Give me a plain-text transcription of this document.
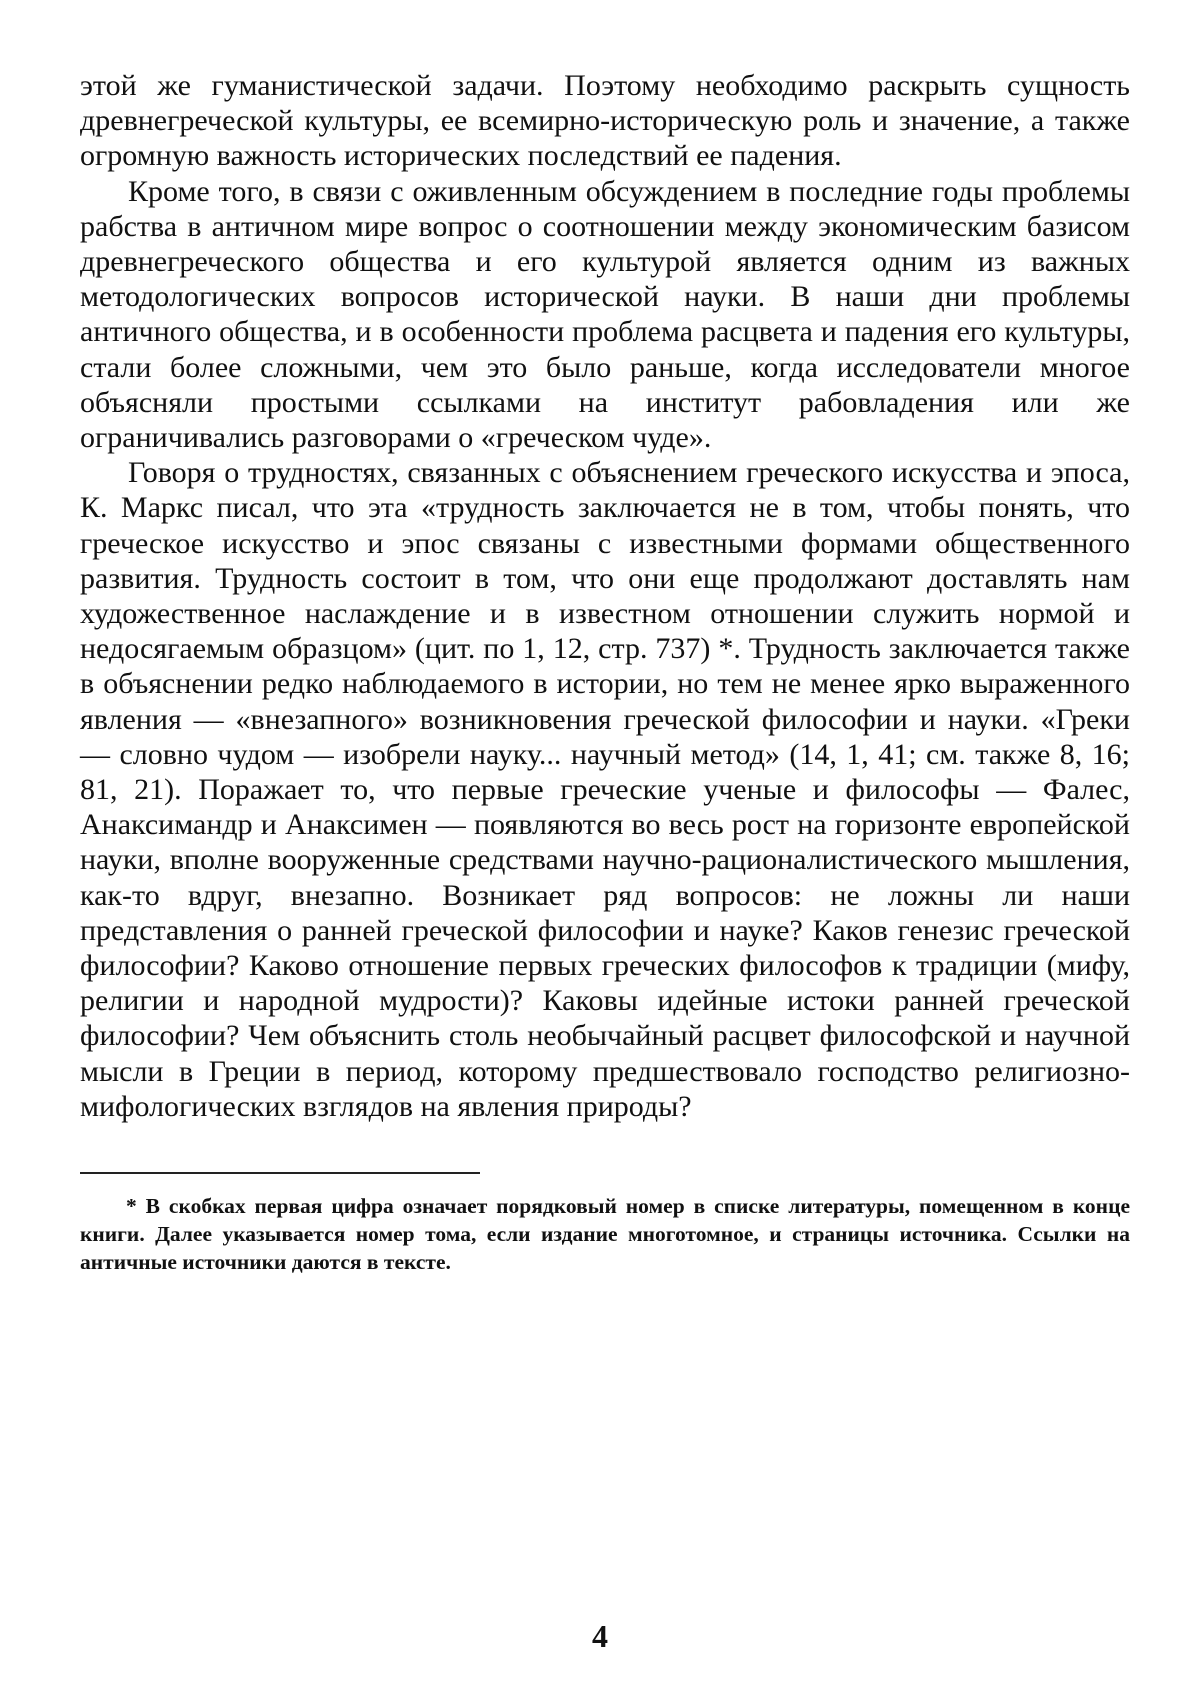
этой же гуманистической задачи. Поэтому необходимо раскрыть сущность древнегреческой культуры, ее всемирно-историческую роль и значение, а также огромную важность исторических последствий ее падения.

Кроме того, в связи с оживленным обсуждением в последние годы проблемы рабства в античном мире вопрос о соотношении между экономическим базисом древнегреческого общества и его культурой является одним из важных методологических вопросов исторической науки. В наши дни проблемы античного общества, и в особенности проблема расцвета и падения его культуры, стали более сложными, чем это было раньше, когда исследователи многое объясняли простыми ссылками на институт рабовладения или же ограничивались разговорами о «греческом чуде».

Говоря о трудностях, связанных с объяснением греческого искусства и эпоса, К. Маркс писал, что эта «трудность заключается не в том, чтобы понять, что греческое искусство и эпос связаны с известными формами общественного развития. Трудность состоит в том, что они еще продолжают доставлять нам художественное наслаждение и в известном отношении служить нормой и недосягаемым образцом» (цит. по 1, 12, стр. 737) *. Трудность заключается также в объяснении редко наблюдаемого в истории, но тем не менее ярко выраженного явления — «внезапного» возникновения греческой философии и науки. «Греки — словно чудом — изобрели науку... научный метод» (14, 1, 41; см. также 8, 16; 81, 21). Поражает то, что первые греческие ученые и философы — Фалес, Анаксимандр и Анаксимен — появляются во весь рост на горизонте европейской науки, вполне вооруженные средствами научно-рационалистического мышления, как-то вдруг, внезапно. Возникает ряд вопросов: не ложны ли наши представления о ранней греческой философии и науке? Каков генезис греческой философии? Каково отношение первых греческих философов к традиции (мифу, религии и народной мудрости)? Каковы идейные истоки ранней греческой философии? Чем объяснить столь необычайный расцвет философской и научной мысли в Греции в период, которому предшествовало господство религиозно-мифологических взглядов на явления природы?

* В скобках первая цифра означает порядковый номер в списке литературы, помещенном в конце книги. Далее указывается номер тома, если издание многотомное, и страницы источника. Ссылки на античные источники даются в тексте.
4
